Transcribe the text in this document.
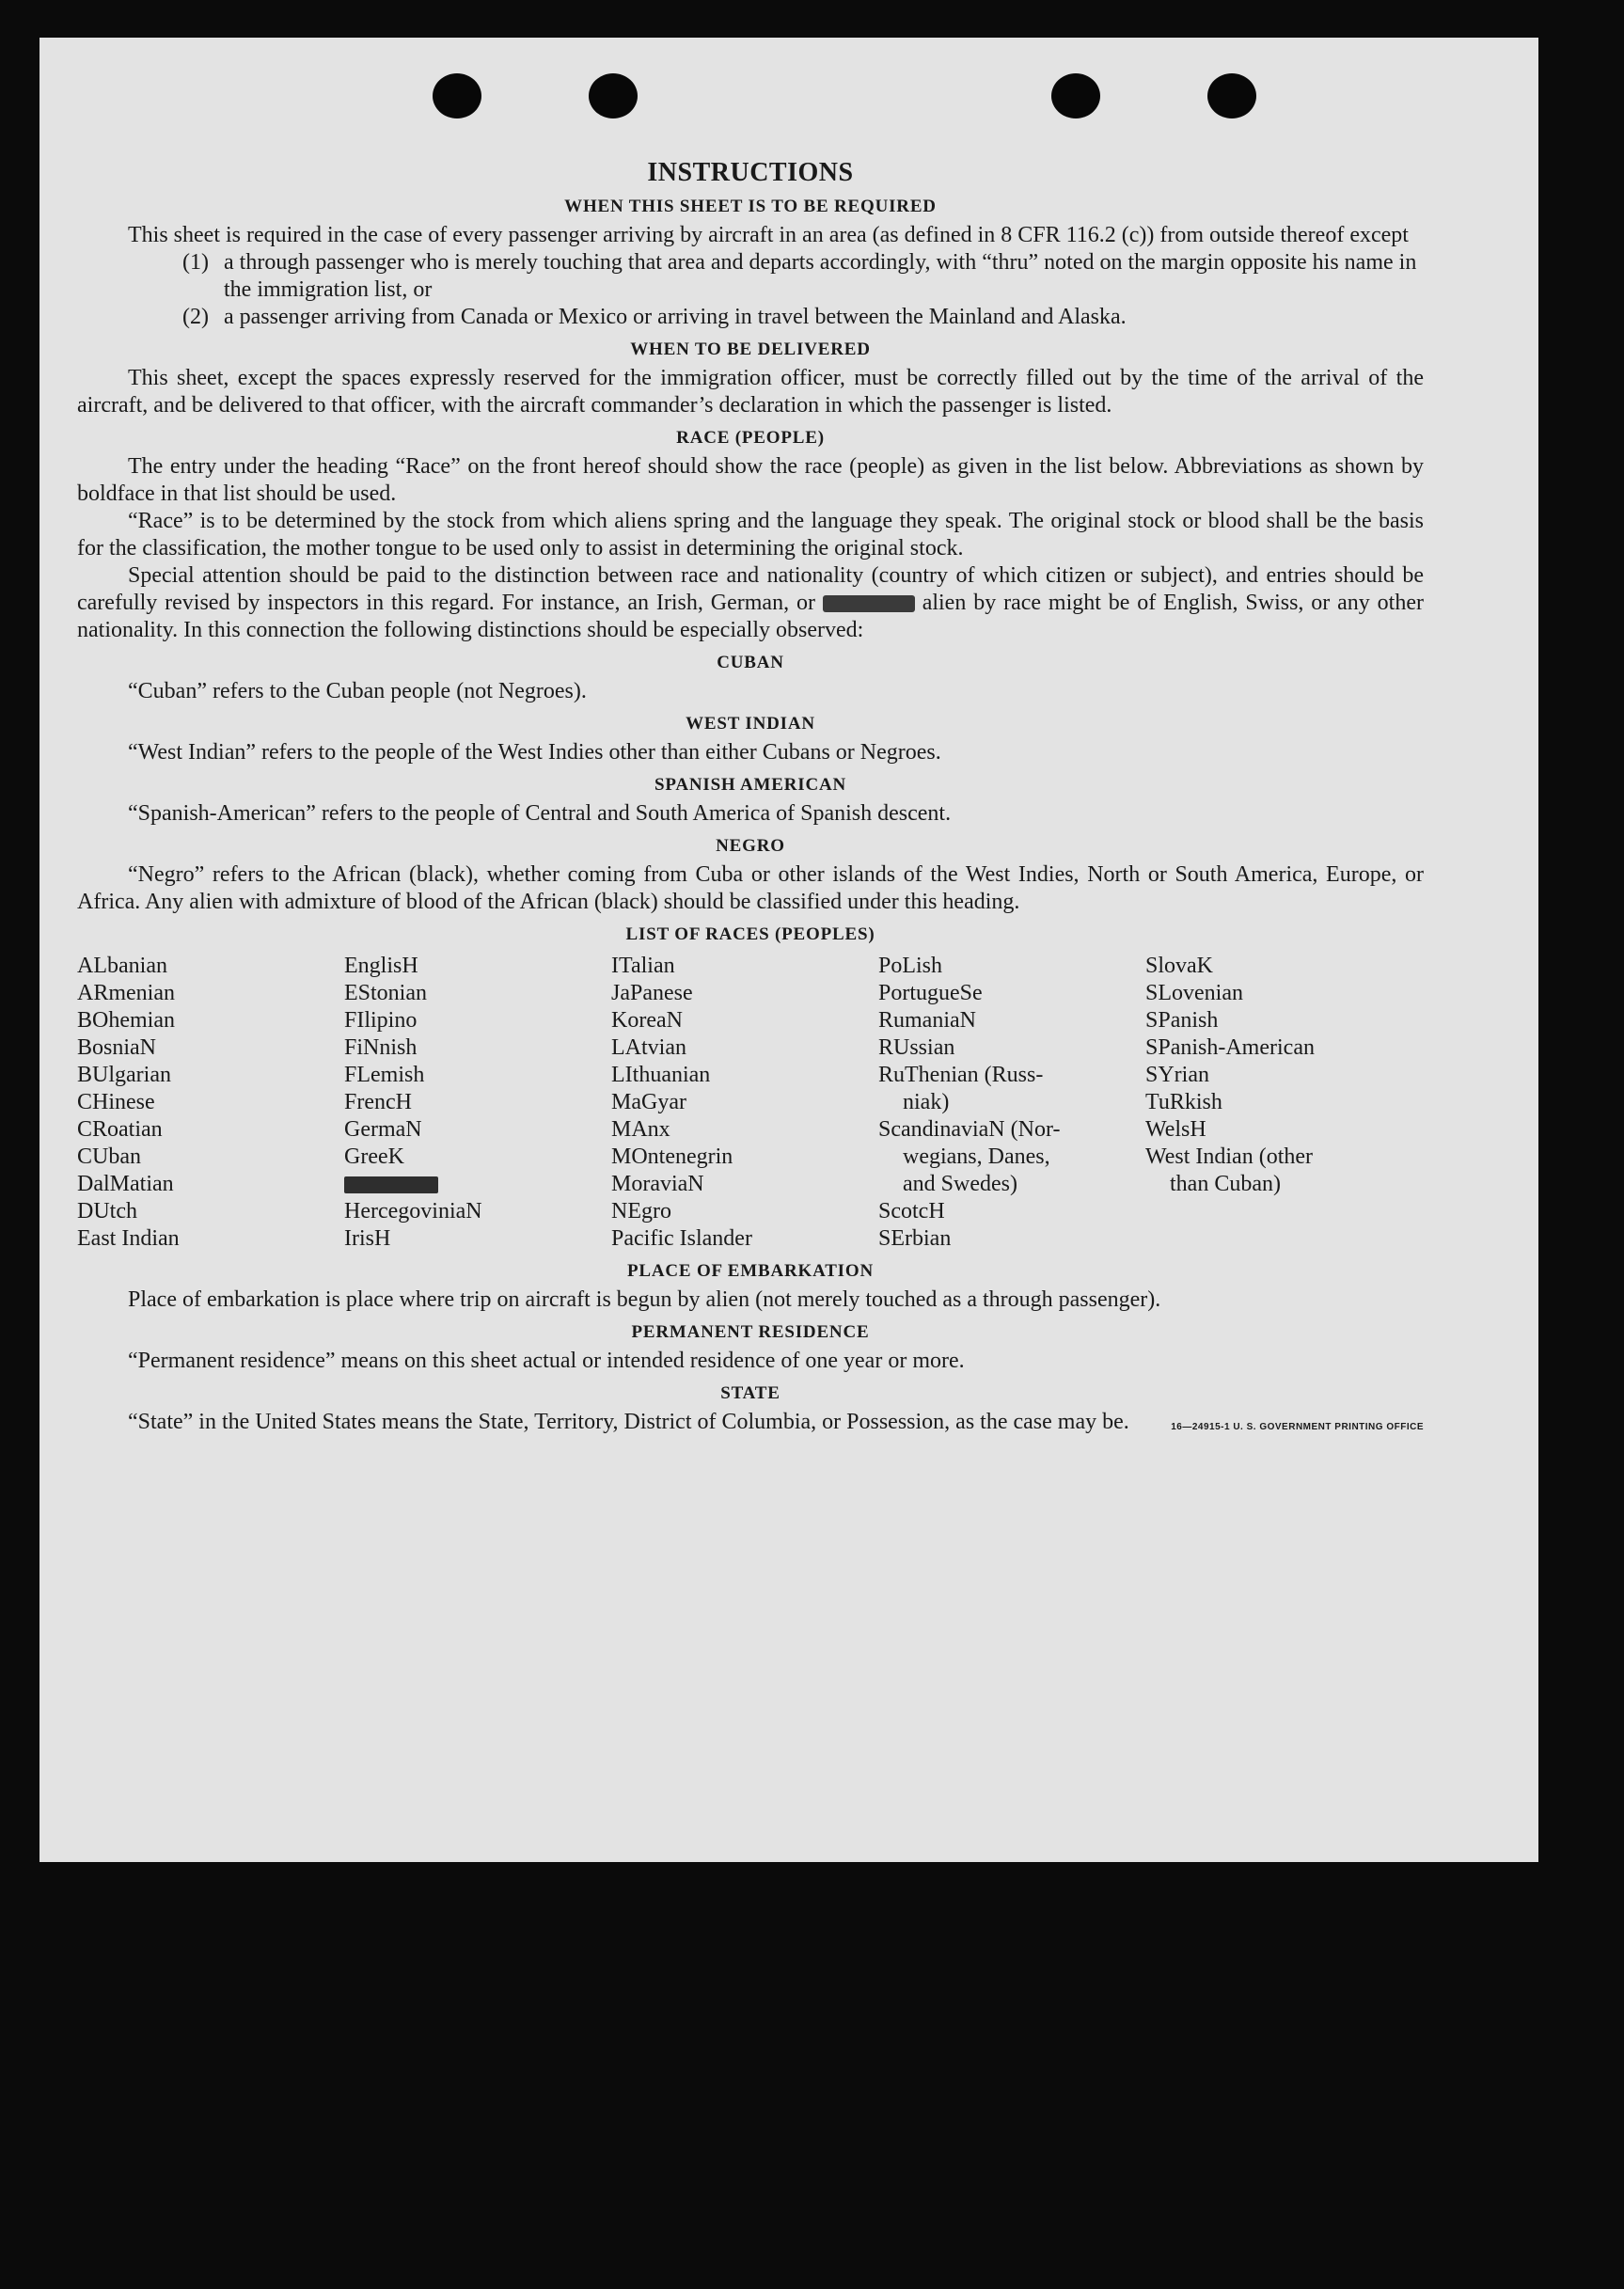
INSTRUCTIONS
WHEN THIS SHEET IS TO BE REQUIRED

This sheet is required in the case of every passenger arriving by aircraft in an area (as defined in 8 CFR 116.2 (c)) from outside thereof except

(1) a through passenger who is merely touching that area and departs accordingly, with “thru” noted on the margin opposite his name in the immigration list, or
(2) a passenger arriving from Canada or Mexico or arriving in travel between the Mainland and Alaska.
WHEN TO BE DELIVERED

This sheet, except the spaces expressly reserved for the immigration officer, must be correctly filled out by the time of the arrival of the aircraft, and be delivered to that officer, with the aircraft commander’s declaration in which the passenger is listed.

RACE (PEOPLE)

The entry under the heading “Race” on the front hereof should show the race (people) as given in the list below. Abbreviations as shown by boldface in that list should be used.

“Race” is to be determined by the stock from which aliens spring and the language they speak. The original stock or blood shall be the basis for the classification, the mother tongue to be used only to assist in determining the original stock.

Special attention should be paid to the distinction between race and nationality (country of which citizen or subject), and entries should be carefully revised by inspectors in this regard. For instance, an Irish, German, or	alien by race might be of English, Swiss, or any other nationality. In this connection the following distinctions should be especially observed:

CUBAN

“Cuban” refers to the Cuban people (not Negroes).

WEST INDIAN

“West Indian” refers to the people of the West Indies other than either Cubans or Negroes.

SPANISH AMERICAN

“Spanish-American” refers to the people of Central and South America of Spanish descent.

NEGRO

“Negro” refers to the African (black), whether coming from Cuba or other islands of the West Indies, North or South America, Europe, or Africa. Any alien with admixture of blood of the African (black) should be classified under this heading.

LIST OF RACES (PEOPLES)
ALbanian
ARmenian
BOhemian
BosniaN
BUlgarian
CHinese
CRoatian
CUban
DalMatian
DUtch
East Indian
EnglisH
EStonian
FIlipino
FiNnish
FLemish
FrencH
GermaN
GreeK
HercegoviniaN
IrisH
ITalian
JaPanese
KoreaN
LAtvian
LIthuanian
MaGyar
MAnx
MOntenegrin
MoraviaN
NEgro
Pacific Islander
PoLish
PortugueSe
RumaniaN
RUssian
RuThenian (Russ-
niak)
ScandinaviaN (Nor-
wegians, Danes,
and Swedes)
ScotcH
SErbian
SlovaK
SLovenian
SPanish
SPanish-American
SYrian
TuRkish
WelsH
West Indian (other
than Cuban)
PLACE OF EMBARKATION

Place of embarkation is place where trip on aircraft is begun by alien (not merely touched as a through passenger).

PERMANENT RESIDENCE

“Permanent residence” means on this sheet actual or intended residence of one year or more.

STATE

“State” in the United States means the State, Territory, District of Columbia, or Possession, as the case may be.	16—24915-1 U. S. GOVERNMENT PRINTING OFFICE
